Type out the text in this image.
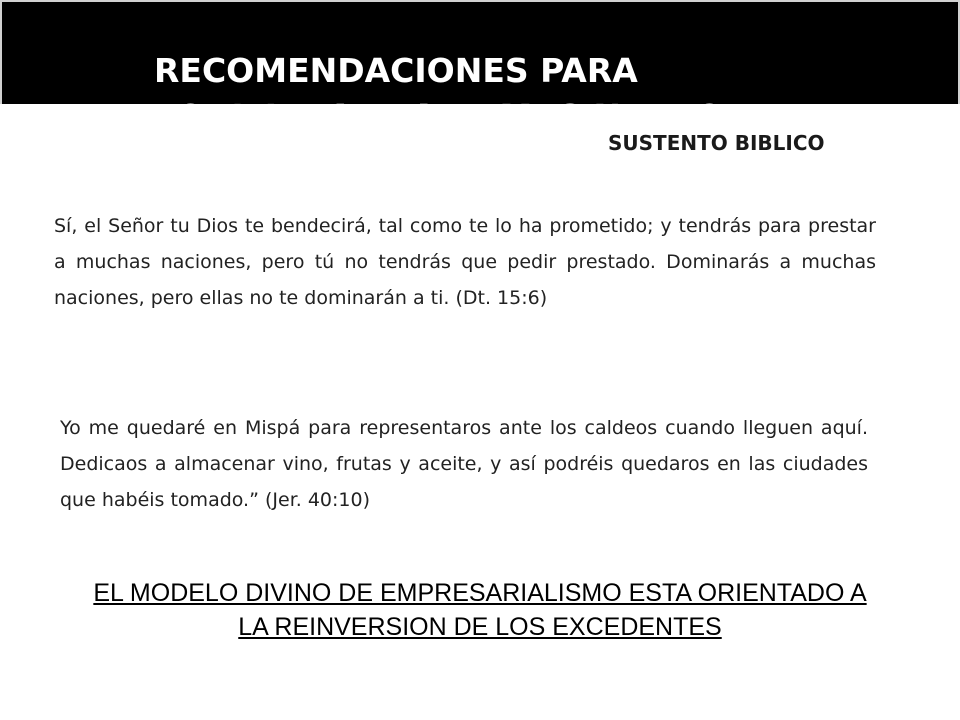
RECOMENDACIONES PARA EQUILIBRAR LA D. MEG NUEVO
SUSTENTO BIBLICO

Sí, el Señor tu Dios te bendecirá, tal como te lo ha prometido; y tendrás para prestar a muchas naciones, pero tú no tendrás que pedir prestado. Dominarás a muchas naciones, pero ellas no te dominarán a ti. (Dt. 15:6)

Yo me quedaré en Mispá para representaros ante los caldeos cuando lleguen aquí. Dedicaos a almacenar vino, frutas y aceite, y así podréis quedaros en las ciudades que habéis tomado.” (Jer. 40:10)

EL MODELO DIVINO DE EMPRESARIALISMO ESTA ORIENTADO A LA REINVERSION DE LOS EXCEDENTES
